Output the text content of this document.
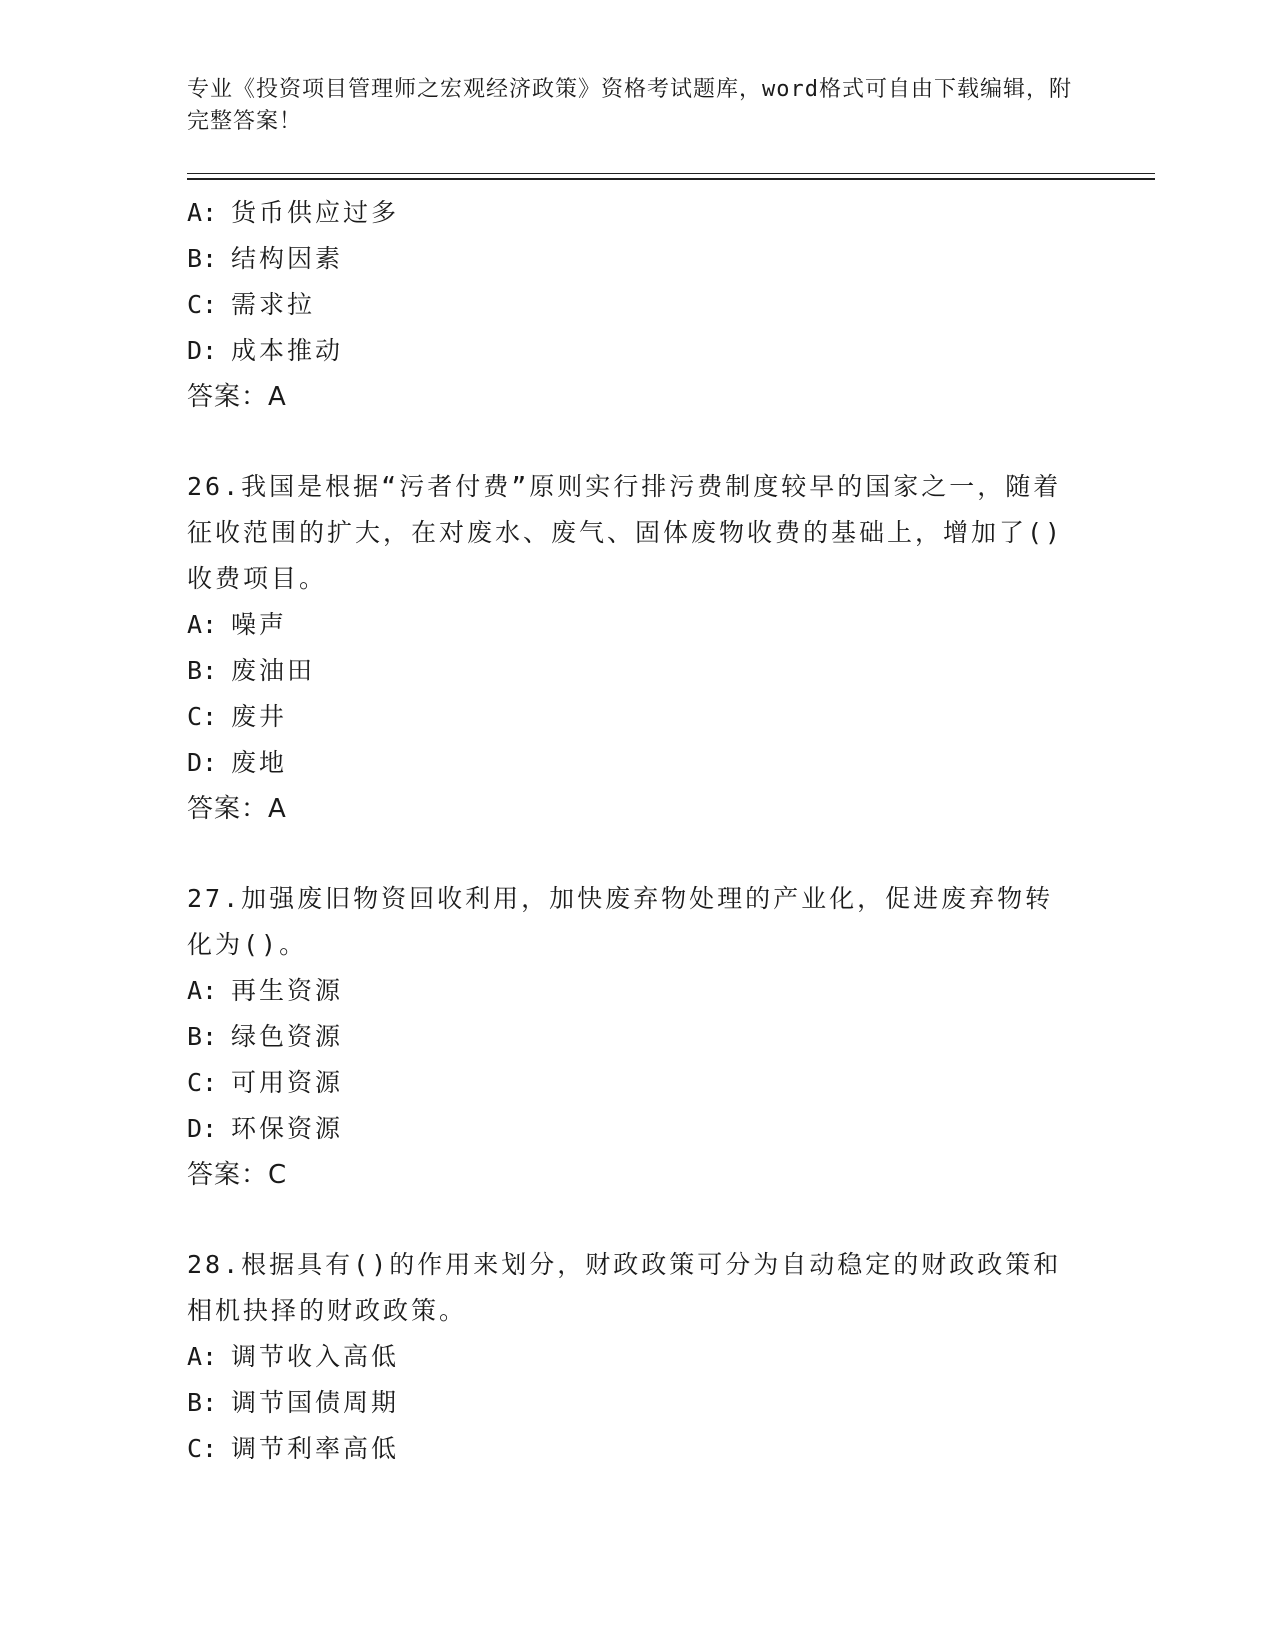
专业《投资项目管理师之宏观经济政策》资格考试题库，word格式可自由下载编辑，附完整答案！
A: 货币供应过多
B: 结构因素
C: 需求拉
D: 成本推动
答案：A
26.我国是根据“污者付费”原则实行排污费制度较早的国家之一，随着征收范围的扩大，在对废水、废气、固体废物收费的基础上，增加了()收费项目。
A: 噪声
B: 废油田
C: 废井
D: 废地
答案：A
27.加强废旧物资回收利用，加快废弃物处理的产业化，促进废弃物转化为()。
A: 再生资源
B: 绿色资源
C: 可用资源
D: 环保资源
答案：C
28.根据具有()的作用来划分，财政政策可分为自动稳定的财政政策和相机抉择的财政政策。
A: 调节收入高低
B: 调节国债周期
C: 调节利率高低
